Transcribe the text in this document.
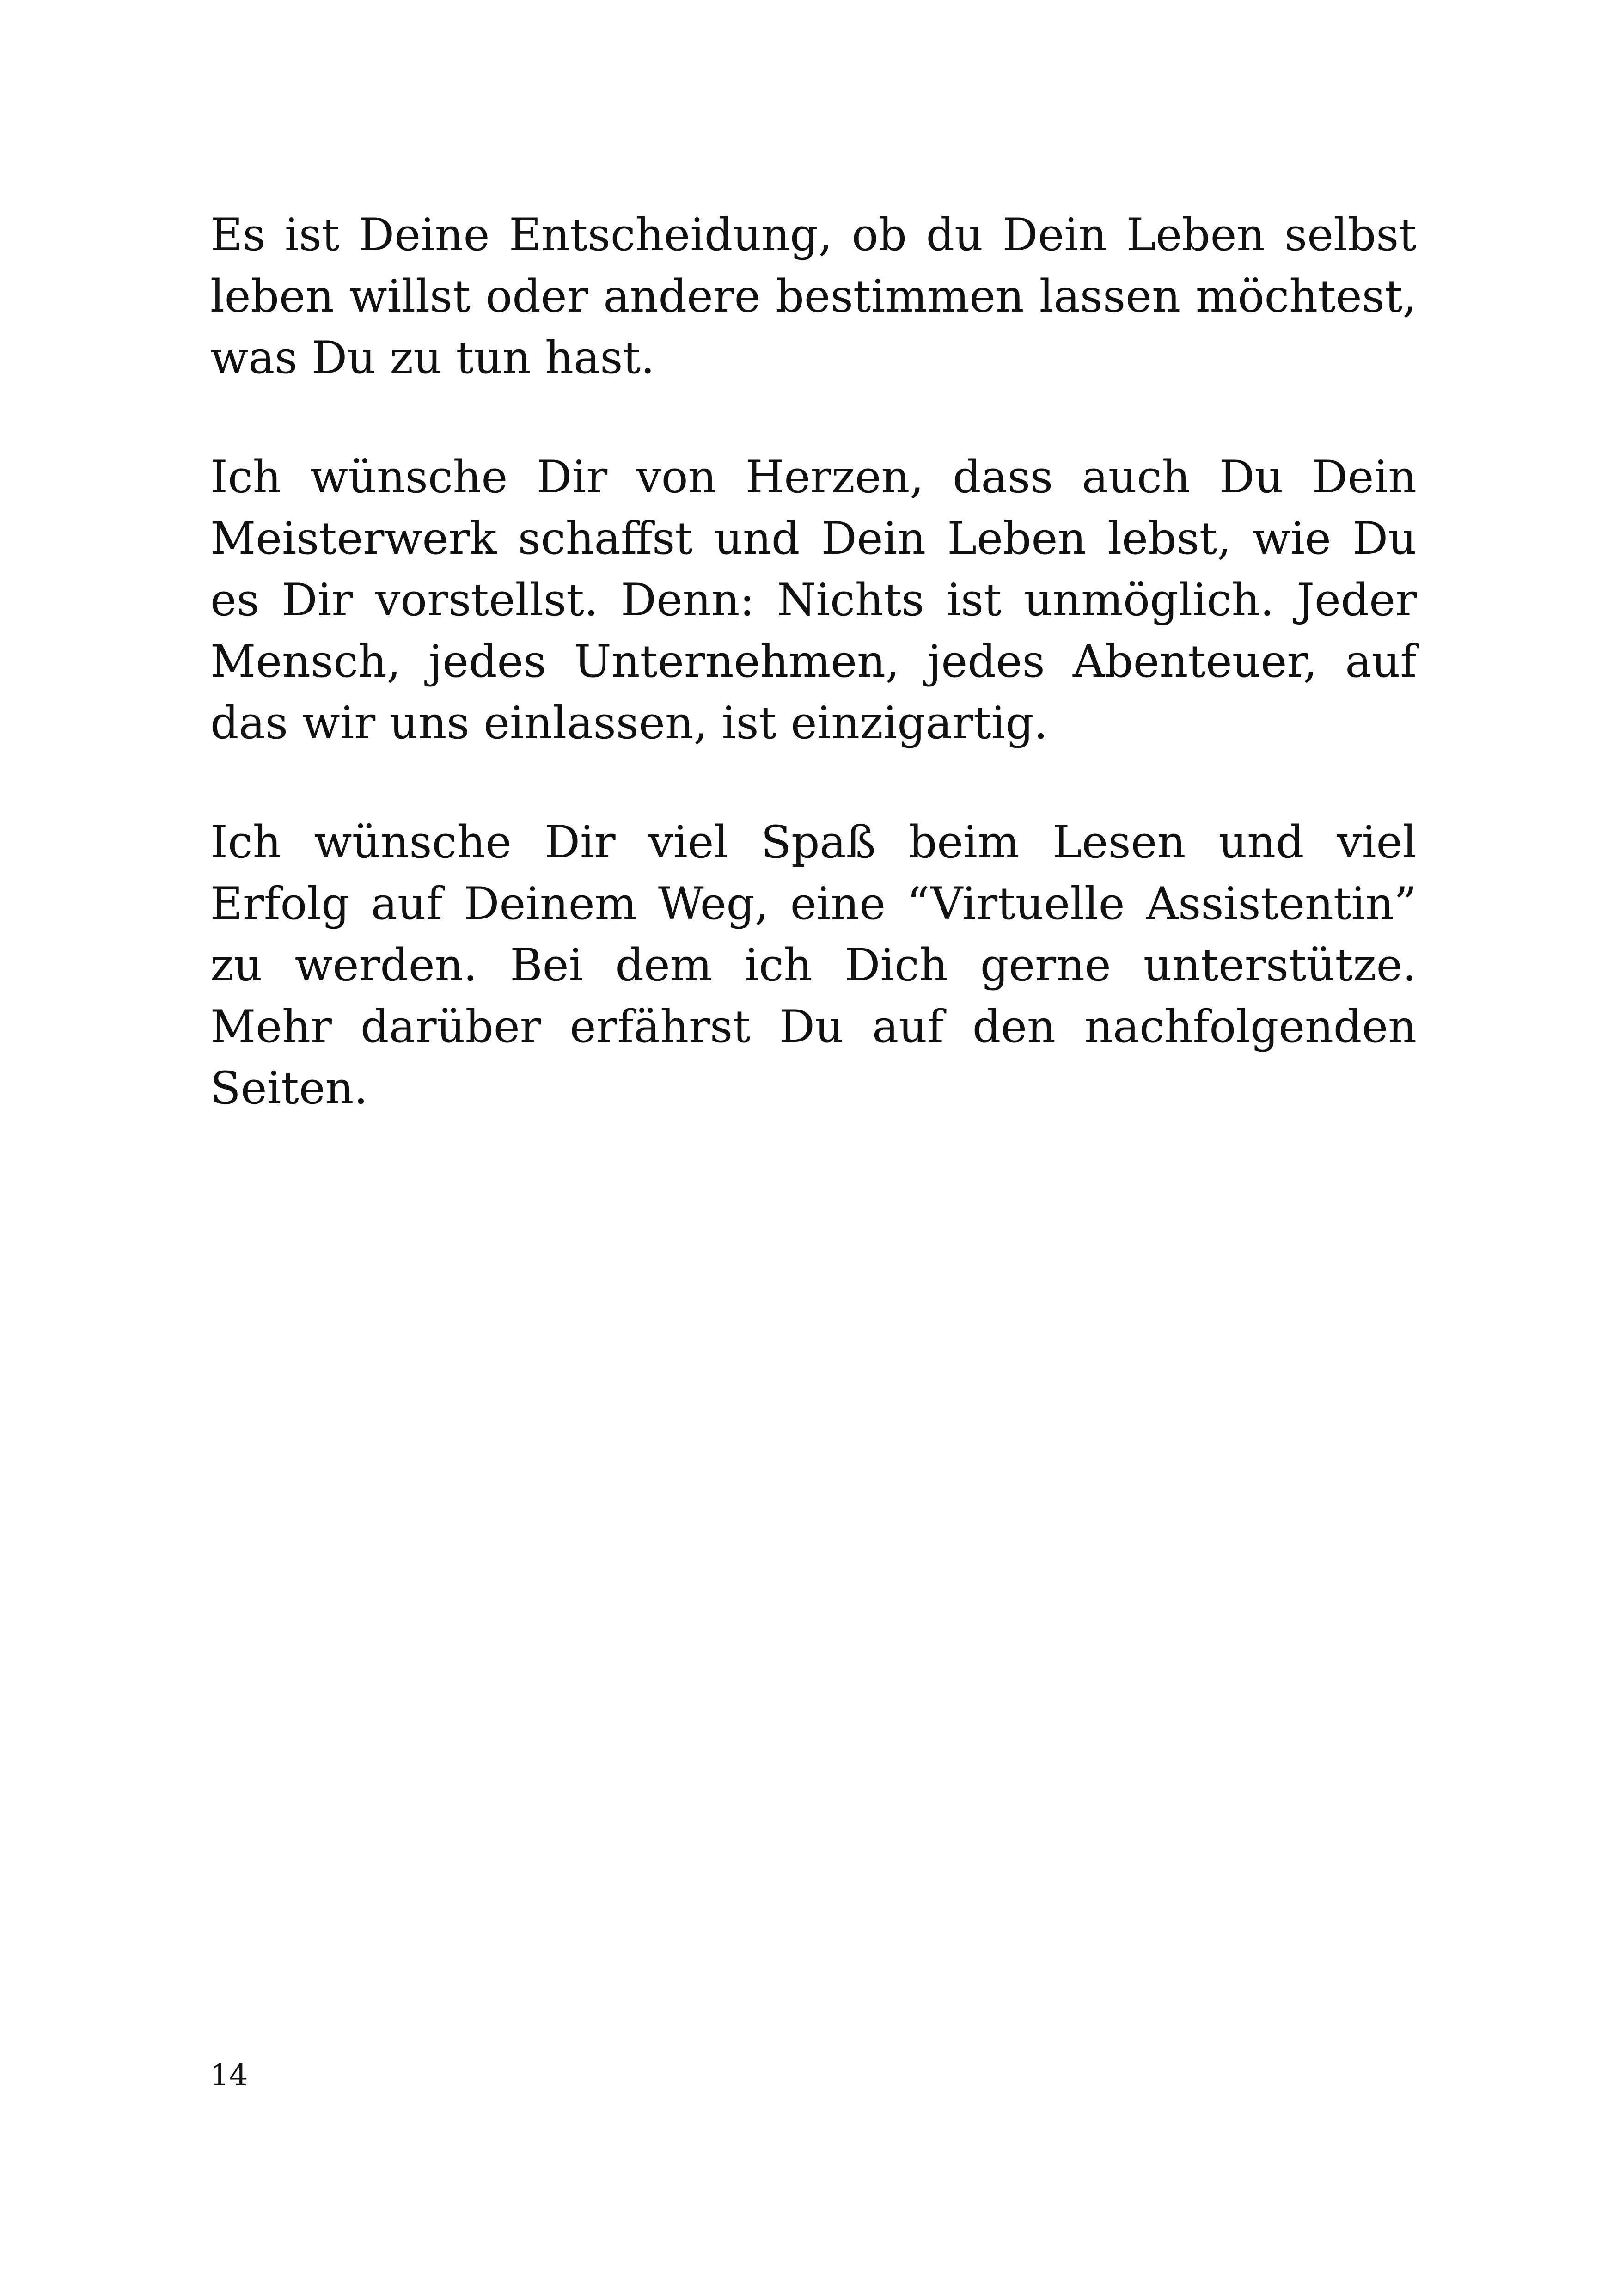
Es ist Deine Entscheidung, ob du Dein Leben selbst leben willst oder andere bestimmen lassen möchtest, was Du zu tun hast.

Ich wünsche Dir von Herzen, dass auch Du Dein Meisterwerk schaffst und Dein Leben lebst, wie Du es Dir vorstellst. Denn: Nichts ist unmöglich. Jeder Mensch, jedes Unternehmen, jedes Abenteuer, auf das wir uns einlassen, ist einzigartig.

Ich wünsche Dir viel Spaß beim Lesen und viel Erfolg auf Deinem Weg, eine “Virtuelle Assistentin” zu werden. Bei dem ich Dich gerne unterstütze. Mehr darüber erfährst Du auf den nachfolgenden Seiten.

14
